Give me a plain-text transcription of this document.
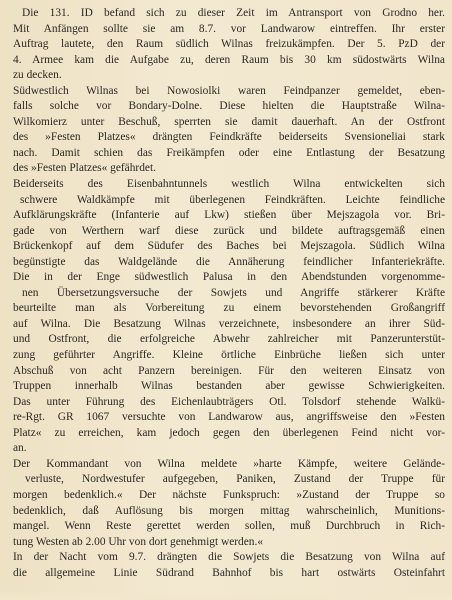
Die 131. ID befand sich zu dieser Zeit im Antransport von Grodno her.
Mit Anfängen sollte sie am 8.7. vor Landwarow eintreffen. Ihr erster
Auftrag lautete, den Raum südlich Wilnas freizukämpfen. Der 5. PzD der
4. Armee kam die Aufgabe zu, deren Raum bis 30 km südostwärts Wilna
zu decken.
Südwestlich Wilnas bei Nowosiolki waren Feindpanzer gemeldet, eben-
falls solche vor Bondary-Dolne. Diese hielten die Hauptstraße Wilna-
Wilkomierz unter Beschuß, sperrten sie damit dauerhaft. An der Ostfront
des »Festen Platzes« drängten Feindkräfte beiderseits Svensioneliai stark
nach. Damit schien das Freikämpfen oder eine Entlastung der Besatzung
des »Festen Platzes« gefährdet.
Beiderseits des Eisenbahntunnels westlich Wilna entwickelten sich
schwere Waldkämpfe mit überlegenen Feindkräften. Leichte feindliche
Aufklärungskräfte (Infanterie auf Lkw) stießen über Mejszagola vor. Bri-
gade von Werthern warf diese zurück und bildete auftragsgemäß einen
Brückenkopf auf dem Südufer des Baches bei Mejszagola. Südlich Wilna
begünstigte das Waldgelände die Annäherung feindlicher Infanteriekräfte.
Die in der Enge südwestlich Palusa in den Abendstunden vorgenomme-
nen Übersetzungsversuche der Sowjets und Angriffe stärkerer Kräfte
beurteilte man als Vorbereitung zu einem bevorstehenden Großangriff
auf Wilna. Die Besatzung Wilnas verzeichnete, insbesondere an ihrer Süd-
und Ostfront, die erfolgreiche Abwehr zahlreicher mit Panzerunterstüt-
zung geführter Angriffe. Kleine örtliche Einbrüche ließen sich unter
Abschuß von acht Panzern bereinigen. Für den weiteren Einsatz von
Truppen innerhalb Wilnas bestanden aber gewisse Schwierigkeiten.
Das unter Führung des Eichenlaubträgers Otl. Tolsdorf stehende Walkü-
re-Rgt. GR 1067 versuchte von Landwarow aus, angriffsweise den »Festen
Platz« zu erreichen, kam jedoch gegen den überlegenen Feind nicht vor-
an.
Der Kommandant von Wilna meldete »harte Kämpfe, weitere Gelände-
verluste, Nordwestufer aufgegeben, Paniken, Zustand der Truppe für
morgen bedenklich.« Der nächste Funkspruch: »Zustand der Truppe so
bedenklich, daß Auflösung bis morgen mittag wahrscheinlich, Munitions-
mangel. Wenn Reste gerettet werden sollen, muß Durchbruch in Rich-
tung Westen ab 2.00 Uhr von dort genehmigt werden.«
In der Nacht vom 9.7. drängten die Sowjets die Besatzung von Wilna auf
die allgemeine Linie Südrand Bahnhof bis hart ostwärts Osteinfahrt
